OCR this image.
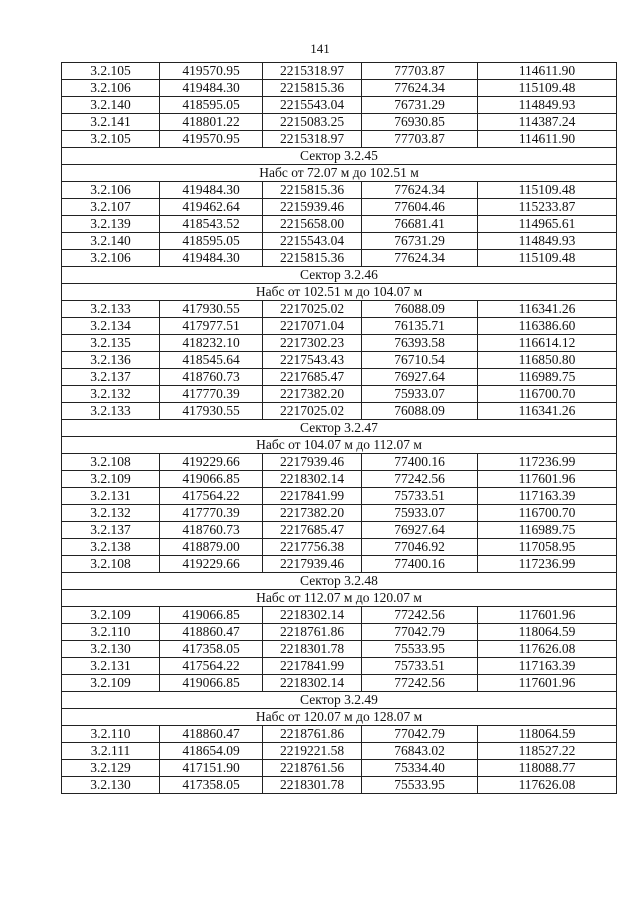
141
3.2.105	419570.95	2215318.97	77703.87	114611.90
3.2.106	419484.30	2215815.36	77624.34	115109.48
3.2.140	418595.05	2215543.04	76731.29	114849.93
3.2.141	418801.22	2215083.25	76930.85	114387.24
3.2.105	419570.95	2215318.97	77703.87	114611.90
Сектор 3.2.45				
Набс от 72.07 м до 102.51 м				
3.2.106	419484.30	2215815.36	77624.34	115109.48
3.2.107	419462.64	2215939.46	77604.46	115233.87
3.2.139	418543.52	2215658.00	76681.41	114965.61
3.2.140	418595.05	2215543.04	76731.29	114849.93
3.2.106	419484.30	2215815.36	77624.34	115109.48
Сектор 3.2.46				
Набс от 102.51 м до 104.07 м				
3.2.133	417930.55	2217025.02	76088.09	116341.26
3.2.134	417977.51	2217071.04	76135.71	116386.60
3.2.135	418232.10	2217302.23	76393.58	116614.12
3.2.136	418545.64	2217543.43	76710.54	116850.80
3.2.137	418760.73	2217685.47	76927.64	116989.75
3.2.132	417770.39	2217382.20	75933.07	116700.70
3.2.133	417930.55	2217025.02	76088.09	116341.26
Сектор 3.2.47				
Набс от 104.07 м до 112.07 м				
3.2.108	419229.66	2217939.46	77400.16	117236.99
3.2.109	419066.85	2218302.14	77242.56	117601.96
3.2.131	417564.22	2217841.99	75733.51	117163.39
3.2.132	417770.39	2217382.20	75933.07	116700.70
3.2.137	418760.73	2217685.47	76927.64	116989.75
3.2.138	418879.00	2217756.38	77046.92	117058.95
3.2.108	419229.66	2217939.46	77400.16	117236.99
Сектор 3.2.48				
Набс от 112.07 м до 120.07 м				
3.2.109	419066.85	2218302.14	77242.56	117601.96
3.2.110	418860.47	2218761.86	77042.79	118064.59
3.2.130	417358.05	2218301.78	75533.95	117626.08
3.2.131	417564.22	2217841.99	75733.51	117163.39
3.2.109	419066.85	2218302.14	77242.56	117601.96
Сектор 3.2.49				
Набс от 120.07 м до 128.07 м				
3.2.110	418860.47	2218761.86	77042.79	118064.59
3.2.111	418654.09	2219221.58	76843.02	118527.22
3.2.129	417151.90	2218761.56	75334.40	118088.77
3.2.130	417358.05	2218301.78	75533.95	117626.08
